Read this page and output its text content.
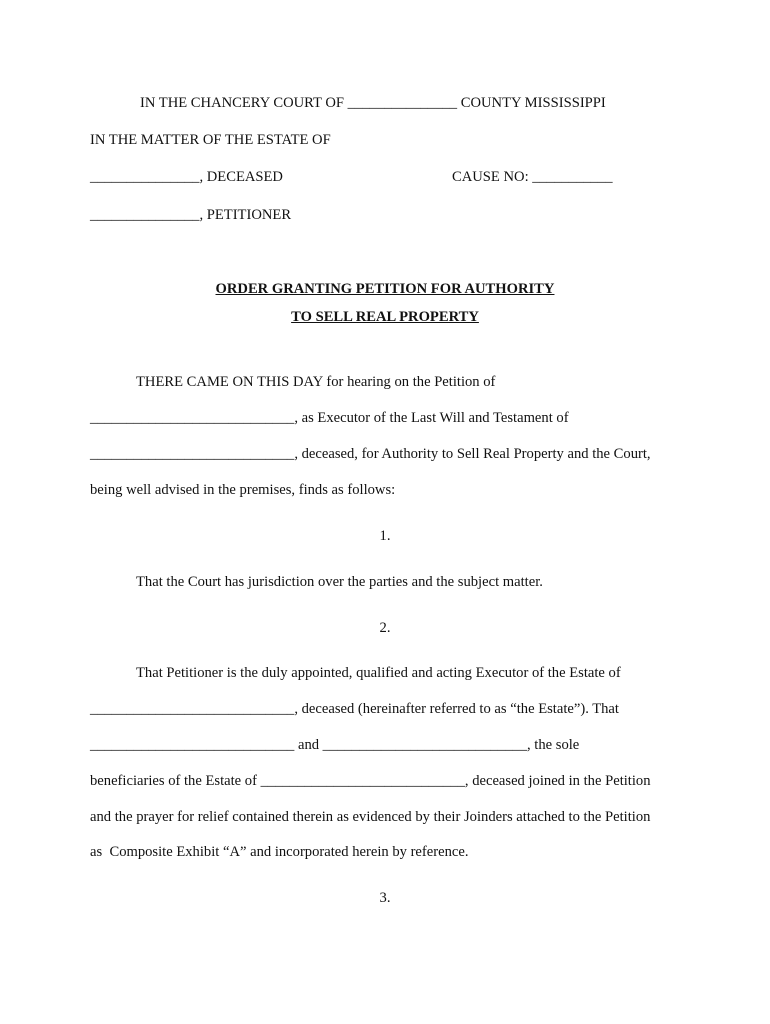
IN THE CHANCERY COURT OF _______________ COUNTY MISSISSIPPI
IN THE MATTER OF THE ESTATE OF
_______________, DECEASED	CAUSE NO: ___________
_______________, PETITIONER
ORDER GRANTING PETITION FOR AUTHORITY
TO SELL REAL PROPERTY
THERE CAME ON THIS DAY for hearing on the Petition of
____________________________, as Executor of the Last Will and Testament of
____________________________, deceased, for Authority to Sell Real Property and the Court,
being well advised in the premises, finds as follows:
1.
That the Court has jurisdiction over the parties and the subject matter.
2.
That Petitioner is the duly appointed, qualified and acting Executor of the Estate of
____________________________, deceased (hereinafter referred to as “the Estate”). That
____________________________ and ____________________________, the sole
beneficiaries of the Estate of ____________________________, deceased joined in the Petition
and the prayer for relief contained therein as evidenced by their Joinders attached to the Petition
as  Composite Exhibit “A” and incorporated herein by reference.
3.
